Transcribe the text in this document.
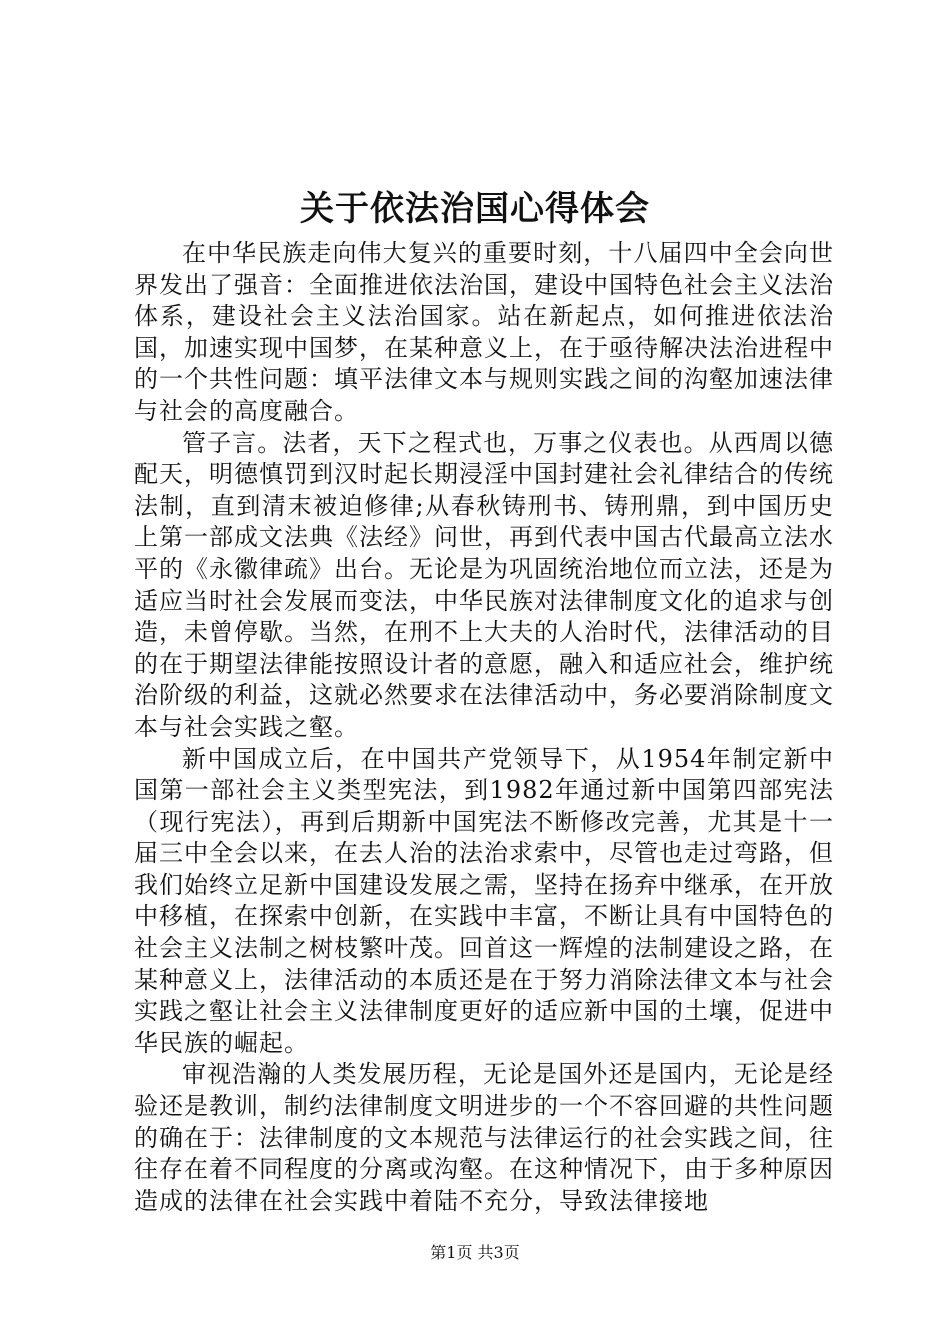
关于依法治国心得体会

在中华民族走向伟大复兴的重要时刻，十八届四中全会向世界发出了强音：全面推进依法治国，建设中国特色社会主义法治体系，建设社会主义法治国家。站在新起点，如何推进依法治国，加速实现中国梦，在某种意义上，在于亟待解决法治进程中的一个共性问题：填平法律文本与规则实践之间的沟壑加速法律与社会的高度融合。

管子言。法者，天下之程式也，万事之仪表也。从西周以德配天，明德慎罚到汉时起长期浸淫中国封建社会礼律结合的传统法制，直到清末被迫修律;从春秋铸刑书、铸刑鼎，到中国历史上第一部成文法典《法经》问世，再到代表中国古代最高立法水平的《永徽律疏》出台。无论是为巩固统治地位而立法，还是为适应当时社会发展而变法，中华民族对法律制度文化的追求与创造，未曾停歇。当然，在刑不上大夫的人治时代，法律活动的目的在于期望法律能按照设计者的意愿，融入和适应社会，维护统治阶级的利益，这就必然要求在法律活动中，务必要消除制度文本与社会实践之壑。

新中国成立后，在中国共产党领导下，从1954年制定新中国第一部社会主义类型宪法，到1982年通过新中国第四部宪法（现行宪法），再到后期新中国宪法不断修改完善，尤其是十一届三中全会以来，在去人治的法治求索中，尽管也走过弯路，但我们始终立足新中国建设发展之需，坚持在扬弃中继承，在开放中移植，在探索中创新，在实践中丰富，不断让具有中国特色的社会主义法制之树枝繁叶茂。回首这一辉煌的法制建设之路，在某种意义上，法律活动的本质还是在于努力消除法律文本与社会实践之壑让社会主义法律制度更好的适应新中国的土壤，促进中华民族的崛起。

审视浩瀚的人类发展历程，无论是国外还是国内，无论是经验还是教训，制约法律制度文明进步的一个不容回避的共性问题的确在于：法律制度的文本规范与法律运行的社会实践之间，往往存在着不同程度的分离或沟壑。在这种情况下，由于多种原因造成的法律在社会实践中着陆不充分，导致法律接地

第1页 共3页
